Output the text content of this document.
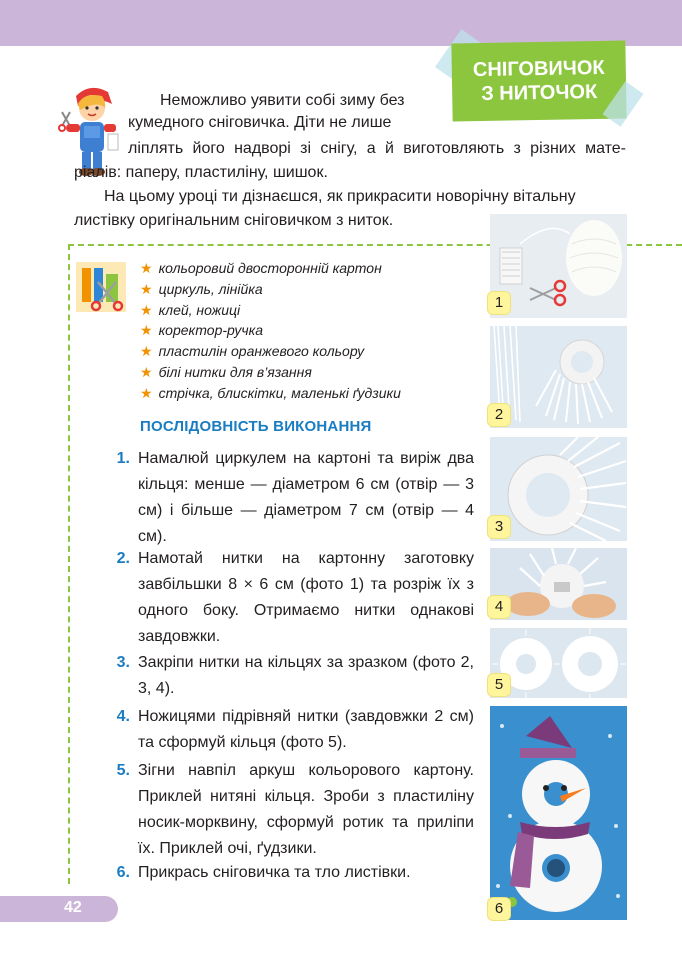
СНІГОВИЧОК
З НИТОЧОК
Неможливо уявити собі зиму без
кумедного сніговичка. Діти не лише
ліплять його надворі зі снігу, а й виготовляють з різних мате-
ріалів: паперу, пластиліну, шишок.
На цьому уроці ти дізнаєшся, як прикрасити новорічну вітальну
листівку оригінальним сніговичком з ниток.
★ кольоровий двосторонній картон
★ циркуль, лінійка
★ клей, ножиці
★ коректор-ручка
★ пластилін оранжевого кольору
★ білі нитки для в’язання
★ стрічка, блискітки, маленькі ґудзики
ПОСЛІДОВНІСТЬ ВИКОНАННЯ
1. Намалюй циркулем на картоні та виріж два кільця: менше — діаметром 6 см (отвір — 3 см) і більше — діаметром 7 см (отвір — 4 см).
2. Намотай нитки на картонну заготовку завбільшки 8 × 6 см (фото 1) та розріж їх з одного боку. Отримаємо нитки однакові завдовжки.
3. Закріпи нитки на кільцях за зразком (фото 2, 3, 4).
4. Ножицями підрівняй нитки (завдовжки 2 см) та сформуй кільця (фото 5).
5. Зігни навпіл аркуш кольорового картону. Приклей нитяні кільця. Зроби з пластиліну носик-морквину, сформуй ротик та приліпи їх. Приклей очі, ґудзики.
6. Прикрась сніговичка та тло листівки.
1
2
3
4
5
6
42
